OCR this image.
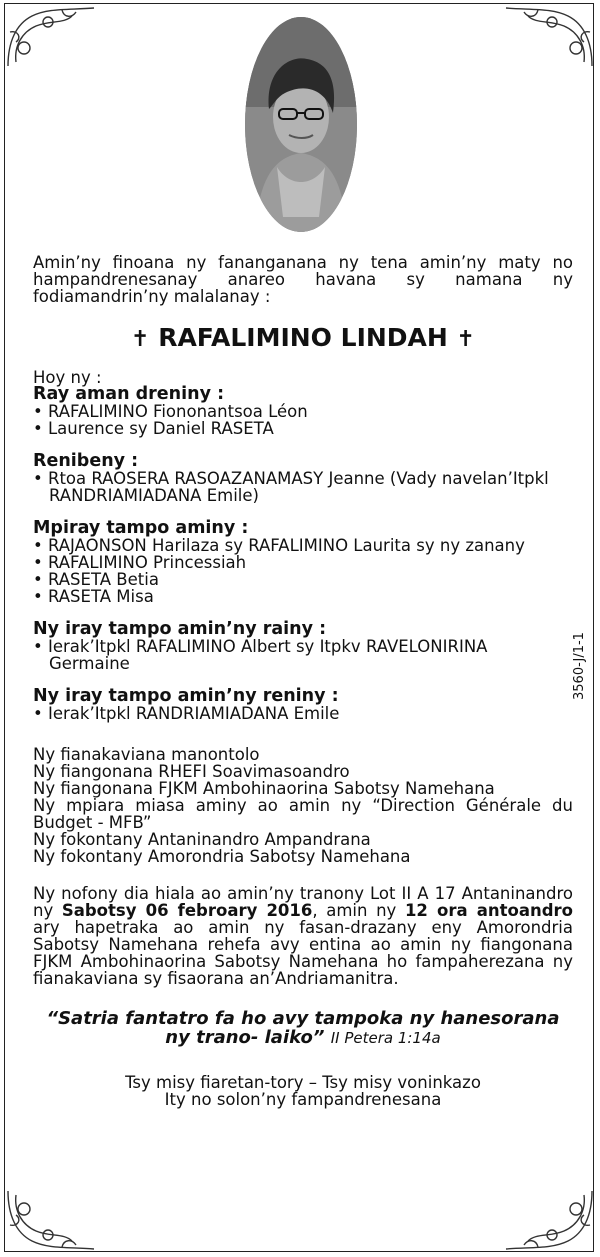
3560-J/1-1
Amin’ny finoana ny fananganana ny tena amin’ny maty no hampandrenesanay anareo havana sy namana ny fodiamandrin’ny malalanay :
✝ RAFALIMINO LINDAH ✝
Hoy ny :
Ray aman dreniny :
• RAFALIMINO Fiononantsoa Léon
• Laurence sy Daniel RASETA
Renibeny :
• Rtoa RAOSERA RASOAZANAMASY Jeanne (Vady navelan’Itpkl RANDRIAMIADANA Emile)
Mpiray tampo aminy :
• RAJAONSON Harilaza sy RAFALIMINO Laurita sy ny zanany
• RAFALIMINO Princessiah
• RASETA Betia
• RASETA Misa
Ny iray tampo amin’ny rainy :
• Ierak’Itpkl RAFALIMINO Albert sy Itpkv RAVELONIRINA Germaine
Ny iray tampo amin’ny reniny :
• Ierak’Itpkl RANDRIAMIADANA Emile
Ny fianakaviana manontolo
Ny fiangonana RHEFI Soavimasoandro
Ny fiangonana FJKM Ambohinaorina Sabotsy Namehana
Ny mpiara miasa aminy ao amin ny “Direction Générale du Budget - MFB”
Ny fokontany Antaninandro Ampandrana
Ny fokontany Amorondria Sabotsy Namehana
Ny nofony dia hiala ao amin’ny tranony Lot II A 17 Antaninandro ny Sabotsy 06 febroary 2016, amin ny 12 ora antoandro ary hapetraka ao amin ny fasan-drazany eny Amorondria Sabotsy Namehana rehefa avy entina ao amin ny fiangonana FJKM Ambohinaorina Sabotsy Namehana ho fampaherezana ny fianakaviana sy fisaorana an’Andriamanitra.
“Satria fantatro fa ho avy tampoka ny hanesorana ny trano- laiko” II Petera 1:14a
Tsy misy fiaretan-tory – Tsy misy voninkazo
Ity no solon’ny fampandrenesana
